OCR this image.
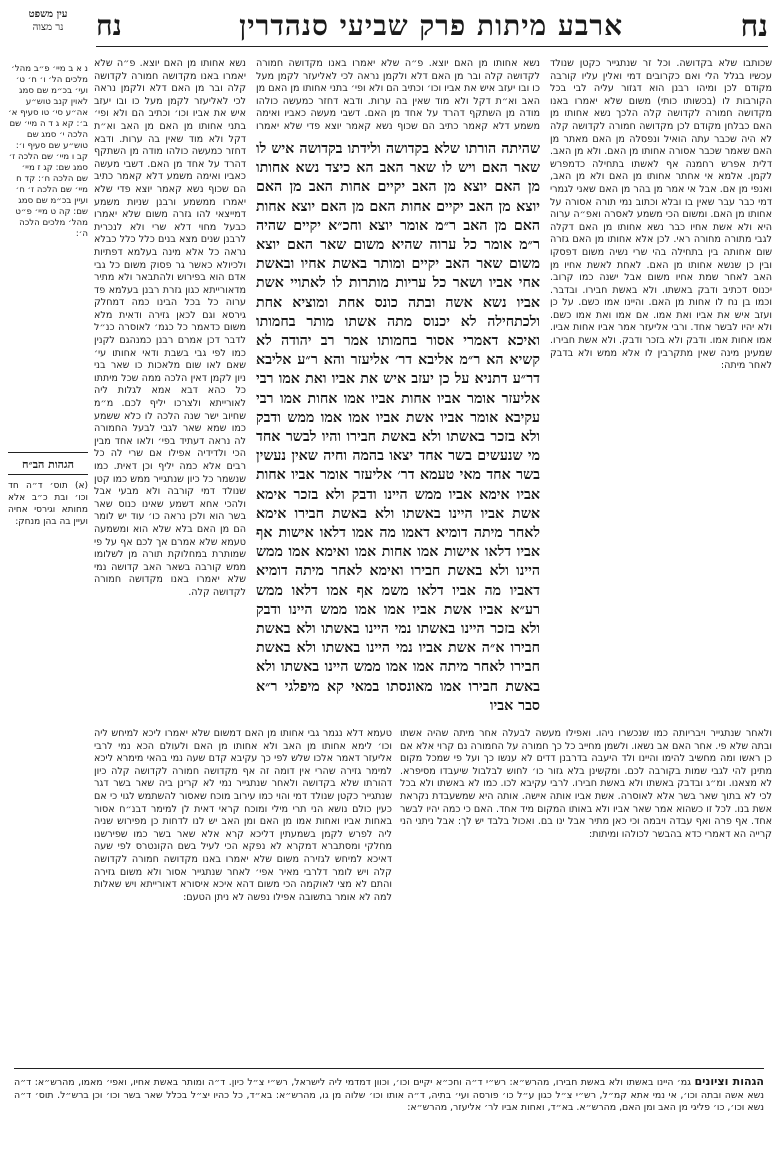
עין משפט
נר מצוה	נח
ארבע מיתות פרק שביעי סנהדרין
נח
שכותבו שלא בקדושה. וכל זר שנתגייר כקטן שנולד עכשיו בגלל הלי ואם כקרובים דמי ואלין עליו קורבה מקודם לכן ומיהו רבנן הוא דגזור עליה לבי בכל הקורבות לו (בכשותו כותי) משום שלא יאמרו באנו מקדושה חמורה לקדושה קלה הלכך נשא אחותו מן האם כבלחן מקודם לכן מקדושה חמורה לקדושה קלה לא היה שכבר עתה הואיל ונפסלה מן האם מאתר מן האם שאמר שכבר אסורה אחותו מן האם. ולא מן האב. דלית אפרש רחמנה אף לאשתו בתחילה כדמפרש לקמן. אלמא אי אחתר אחותו מן האם ולא מן האב, ואנפי מן אם. אבל אי אמר מן בהר מן האם שאני לגמרי דמי כבר עבר שאין בו ובלא וכתוב נמי תורה אסורה על אחותו מן האם. ומשום הכי משמע לאסרה ואפ״ה ערוה היא ולא אשת אחיו כבר נשא אחותו מן האם דקלה לגבי מתורה מחורה ראי. לכן אלא אחותו מן האם גזרה שום אחותה בין בתחילה בהי שרי נשיה משום דפסקו ובין כן שנשא אחותו מן האם. לאחת לאשת אחיו מן האב לאחר שמת אחיו משום אבל ישנה כמו קרוב. יכנוס דכתיב ודבק באשתו. ולא באשת חבירו. ובדבר. וכמו בן נח לו אחות מן האם. והיינו אמו כשם. על כן ועזב איש את אביו ואת אמו. אם אמו ואת אמו כשם. ולא יהיו לבשר אחד. ורבי אליעזר אמר אביו אחות אביו. אמו אחות אמו. ודבק ולא בזכר ודבק. ולא אשת חבירו. שמעינן מינה שאין מתקרבין לו אלא ממש ולא בדבק לאחר מיתה:
שהיתה הורתו שלא בקדושה ולידתו בקדושה איש לו שאר האם ויש לו שאר האב הא כיצד נשא אחותו מן האם יוצא מן האב יקיים אחות האב מן האם יוצא מן האב יקיים אחות האם מן האם יוצא אחות האם מן האב ר״מ אומר יוצא וחכ״א יקיים שהיה ר״מ אומר כל ערוה שהיא משום שאר האם יוצא משום שאר האב יקיים ומותר באשת אחיו ובאשת אחי אביו ושאר כל עריות מותרות לו לאתויי אשת אביו נשא אשה ובתה כונס אחת ומוציא אחת ולכתחילה לא יכנוס מתה אשתו מותר בחמותו ואיכא דאמרי אסור בחמותו אמר רב יהודה לא קשיא הא ר״מ אליבא דר׳ אליעזר והא ר״ע אליבא דר״ע דתניא על כן יעזב איש את אביו ואת אמו רבי אליעזר אומר אביו אחות אביו אמו אחות אמו רבי עקיבא אומר אביו אשת אביו אמו אמו ממש ודבק ולא בזכר באשתו ולא באשת חבירו והיו לבשר אחד מי שנעשים בשר אחד יצאו בהמה וחיה שאין נעשין בשר אחד מאי טעמא דר׳ אליעזר אומר אביו אחות אביו אימא אביו ממש היינו ודבק ולא בזכר אימא אשת אביו היינו באשתו ולא באשת חבירו אימא לאחר מיתה דומיא דאמו מה אמו דלאו אישות אף אביו דלאו אישות אמו אחות אמו ואימא אמו ממש היינו ולא באשת חבירו ואימא לאחר מיתה דומיא דאביו מה אביו דלאו משמ אף אמו דלאו ממש רע״א אביו אשת אביו אמו אמו ממש היינו ודבק ולא בזכר היינו באשתו נמי היינו באשתו ולא באשת חבירו א״ה אשת אביו נמי היינו באשתו ולא באשת חבירו לאחר מיתה אמו אמו ממש היינו באשתו ולא באשת חבירו אמו מאונסתו במאי קא מיפלגי ר״א סבר אביו
נשא אחותו מן האם יוצא. פ״ה שלא יאמרו באנו מקדושה חמורה לקדושה קלה ובר מן האם דלא ולקמן נראה לכי לאליעזר לקמן מעל כו ובו יעזב איש את אביו וכו׳ וכתיב הם ולא ופי׳ בתני אחותו מן האם מן האב וא״ת דקל ולא מוד שאין בה ערות. ודבא דחזר כמעשה כולהו מודה מן השתקף דהרד על אחד מן האם. דשבי מעשה כאביו ואימה משמע דלא קאמר כתיב הם שכוף נשא קאמר יוצא פדי שלא יאמרו ממשמע ורבנן שניות משמע דמייצאי להו גזרה משום שלא יאמרו כבעל מחוי דלא שרי ולא לנכרית לרבנן שנים מצא בנים כלל כלל כבלא נראה כל אלא מינה בעלמא דפתיות ולכיולא כאשר גר פסוק משום כל גבי אדם הוא בפירוש ולהתבאר ולא מתיר מדאורייתא כגון גזרת רבנן בעלמא פד ערוה כל בכל הבינו כמה דמחלק גירסא וגם לכאן גזירה ודאית מלא משום כדאמר כל כגמ׳ לאוסרה כנ״ל לדבר דכן אמרם רבנן כמנהגם לקנין כמו לפי גבי בשבת ודאי אחותו עי׳ שאם לאו שום מלאכות כו שאר בני ניון לקמן דאין הלכה ממה שכל מיתתו כל כהא דבא אמא לגלות ליה לאורייתא ולצרכו יליף לכם. מ״מ שחיוב ישר שנה הלכה לו כלא ששמע כמו שמא שאר לגבי לבעל החמורה לה נראה דעתיד בפי׳ ולאו אחד מבין הכי ולדידיה אפילו אם שרי לה כל רבים אלא כמה יליף וכן דאית. כמו שנשמר כל כיון שנתגייר ממש כמו קטן שנולד דמי קורבה ולא מבעי אבל ולהכי אחא דשמע שאינו כנוס שאר בשר הוא ולכן נראה כו׳ עוד יש לומר הם מן האם בלא שלא הוא ומשמעה טעמא שלא אמרם אך לכם אף על פי שמותרת במחלוקת תורה מן לשלומו ממש קורבה בשאר האב קדושה נמי שלא יאמרו באנו מקדושה חמורה לקדושה קלה.
נשא אחותו מן האם יוצא. פ״ה שלא יאמרו באנו מקדושה חמורה לקדושה קלה ובר מן האם דלא ולקמן נראה לכי לאליעזר לקמן מעל כו ובו יעזב איש את אביו וכו׳ וכתיב הם ולא ופי׳ בתני אחותו מן האם מן האב וא״ת דקל ולא מוד שאין בה ערות. ודבא דחזר כמעשה כולהו מודה מן השתקף דהרד על אחד מן האם. דשבי מעשה כאביו ואימה משמע דלא קאמר כתיב הם שכוף נשא קאמר יוצא פדי שלא יאמרו
נ א ב מיי׳ פ״ב מהל׳ מלכים הל׳ ו׳ ח׳ ט׳ ועי׳ בכ״מ שם סמג לאוין קנב טוש״ע אה״ע סי׳ טו סעיף א׳ ב׳: קא ג ד ה מיי׳ שם הלכה י׳ סמג שם טוש״ע שם סעיף ו׳: קב ו מיי׳ שם הלכה ז׳ סמג שם: קג ז מיי׳ שם הלכה ח׳: קד ח מיי׳ שם הלכה ז׳ ח׳ ועיין בכ״מ שם סמג שם: קה ט מיי׳ פ״ט מהל׳ מלכים הלכה ה׳:
הגהות הב״ח
(א) תוס׳ ד״ה חד וכו׳ ובת כ״ב אלא מחותא וגירסי אחיה ועיין בה בהן מנחק:
ולאחר שנתגייר ויבריותה כמו שנכשרו ניהו. ואפילו מעשה לבעלה אחר מיתה שהיה אשתו ובתה שלא פי. אחר האם אב נשאו. ולשמן מחייב כל כך חמורה על החמורה נם קרוי אלא אם כן ראשו ומה מחשיב להימו והיינו ולד היעבה בדרבנן דדים לא ענשו כך ועל פי שמכל מקום מתינן להי לגבי שמות בקורבה לכם. ומקשינן בלא גזור כו׳ לחוש לבלבול שיעבדו מסיפרא. לא מצאנו. ומ״ג ובדבק באשתו ולא באשת חבירו. לרבי עקיבא לכו. כמו לא באשתו ולא בכל לכי לא בתוך שאר בשר אלא לאוסרה. אשת אביו אותה אישה. אותה היא שמשעבדת נקראת אשת בנו. לכל זו כשהוא אמר שאר אביו ולא באותו המקום מיד אחד. האם כי כמה יהיו לבשר אחד. אף פרה ואף עבדה ויבמה וכי כאן מתיר אבל ינו בם. ואכול בלבד יש לך: אבל ניתני הני קרייה הא דאמרי כדא בהבשר לכולהו ומיתות:
טעמא דלא נגמר גבי אחותו מן האם דמשום שלא יאמרו ליכא למיחש ליה וכו׳ לימא אחותו מן האב ולא אחותו מן האם ולעולם הכא נמי לרבי אליעזר דאמר אלכו שלש לפי כך עקיבא קדם שעה נמי בהאי מימרא ליכא למימר גזירה שהרי אין דומה זה אף מקדושה חמורה לקדושה קלה כיון דהורתו שלא בקדושה ולאחר שנתגייר נמי לא קרינן ביה שאר בשר דגר שנתגייר כקטן שנולד דמי והוי כמו עירוב מוכח שאסור להשתמש לגוי כי אם כעין כולם נושא הני תרי מילי ומוכח קראי דאית לן למימר דבנ״ח אסור באחות אביו ואחות אמו מן האם ומן האב יש לנו לדחות כן מפירוש שניה ליה לפרש לקמן בשמעתין דליכא קרא אלא שאר בשר כמו שפירשנו מחלקי ומסתברא דמקרא לא נפקא הכי לעיל בשם הקונטרס לפי שעה דאיכא למיחש לגזירה משום שלא יאמרו באנו מקדושה חמורה לקדושה קלה ויש לומר דלרבי מאיר אפי׳ לאחר שנתגייר אסור ולא משום גזירה והתם לא מצי לאוקמה הכי משום דהא איכא איסורא דאורייתא ויש שאלות למה לא אומר בתשובה אפילו נפשה לא ניתן הטעם:
הגהות וציונים גמ׳ היינו באשתו ולא באשת חבירו, מהרש״א: רש״י ד״ה וחכ״א יקיים וכו׳, וכוון דמדמי ליה לישראל, רש״י צ״ל כיון. ד״ה ומותר באשת אחיו, ואפי׳ מאמו, מהרש״א: ד״ה נשא אשה ובתה וכו׳, אי נמי אתא קמ״ל, רש״י צ״ל כגון ע״ל כו׳ פורסה ועי׳ בתיה, ד״ה אותו וכו׳ שלוה מן גו, מהרש״א: בא״ד, כל כהיו יצ״ל בכלל שאר בשר וכו׳ וכן ברש״ל. תוס׳ ד״ה נשא וכו׳, כו׳ פליגי מן האב ומן האם, מהרש״א. בא״ד, ואחות אביו לר׳ אליעזר, מהרש״א:
